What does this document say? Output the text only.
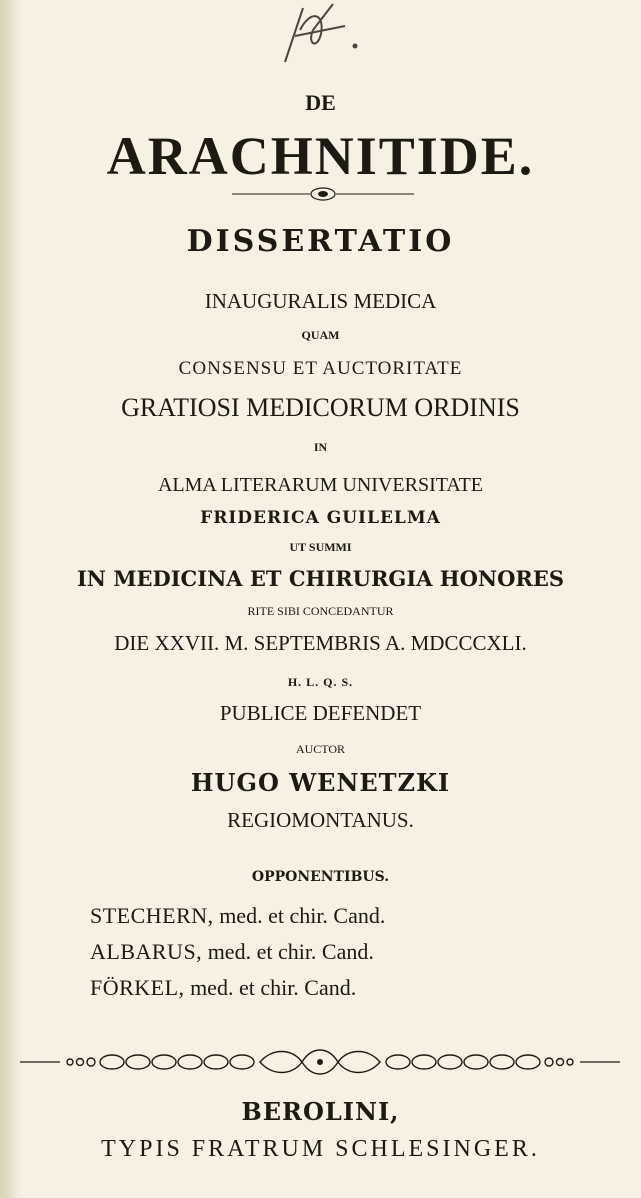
DE
ARACHNITIDE.
DISSERTATIO
INAUGURALIS MEDICA
QUAM
CONSENSU ET AUCTORITATE
GRATIOSI MEDICORUM ORDINIS
IN
ALMA LITERARUM UNIVERSITATE
FRIDERICA GUILELMA
UT SUMMI
IN MEDICINA ET CHIRURGIA HONORES
RITE SIBI CONCEDANTUR
DIE XXVII. M. SEPTEMBRIS A. MDCCCXLI.
H. L. Q. S.
PUBLICE DEFENDET
AUCTOR
HUGO WENETZKI
REGIOMONTANUS.
OPPONENTIBUS.
STECHERN, med. et chir. Cand.
ALBARUS, med. et chir. Cand.
FÖRKEL, med. et chir. Cand.
BEROLINI,
TYPIS FRATRUM SCHLESINGER.
